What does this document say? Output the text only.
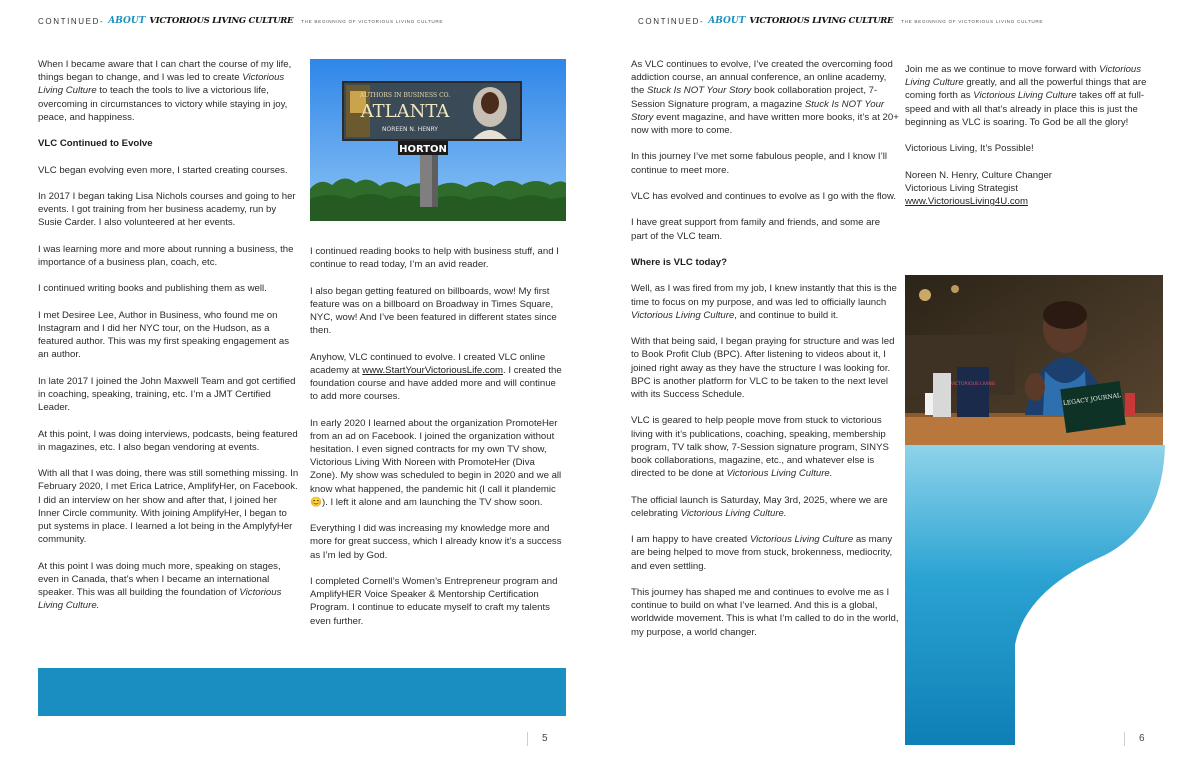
CONTINUED- ABOUT VICTORIOUS LIVING CULTURE THE BEGINNING OF VICTORIOUS LIVING CULTURE

When I became aware that I can chart the course of my life, things began to change, and I was led to create Victorious Living Culture to teach the tools to live a victorious life, overcoming in circumstances to victory while staying in joy, peace, and happiness.

VLC Continued to Evolve

VLC began evolving even more, I started creating courses.

In 2017 I began taking Lisa Nichols courses and going to her events. I got training from her business academy, run by Susie Carder. I also volunteered at her events.

I was learning more and more about running a business, the importance of a business plan, coach, etc.

I continued writing books and publishing them as well.

I met Desiree Lee, Author in Business, who found me on Instagram and I did her NYC tour, on the Hudson, as a featured author. This was my first speaking engagement as an author.

In late 2017 I joined the John Maxwell Team and got certified in coaching, speaking, training, etc. I’m a JMT Certified Leader.

At this point, I was doing interviews, podcasts, being featured in magazines, etc. I also began vendoring at events.

With all that I was doing, there was still something missing. In February 2020, I met Erica Latrice, AmplifyHer, on Facebook. I did an interview on her show and after that, I joined her Inner Circle community. With joining AmplifyHer, I began to put systems in place. I learned a lot being in the AmplyfyHer community.

At this point I was doing much more, speaking on stages, even in Canada, that’s when I became an international speaker. This was all building the foundation of Victorious Living Culture.

HORTON
AUTHORS IN BUSINESS CO.
ATLANTA
NOREEN N. HENRY

I continued reading books to help with business stuff, and I continue to read today, I’m an avid reader.

I also began getting featured on billboards, wow! My first feature was on a billboard on Broadway in Times Square, NYC, wow! And I’ve been featured in different states since then.

Anyhow, VLC continued to evolve. I created VLC online academy at www.StartYourVictoriousLife.com. I created the foundation course and have added more and will continue to add more courses.

In early 2020 I learned about the organization PromoteHer from an ad on Facebook. I joined the organization without hesitation. I even signed contracts for my own TV show, Victorious Living With Noreen with PromoteHer (Diva Zone). My show was scheduled to begin in 2020 and we all know what happened, the pandemic hit (I call it plandemic 😊). I left it alone and am launching the TV show soon.

Everything I did was increasing my knowledge more and more for great success, which I already know it’s a success as I’m led by God.

I completed Cornell’s Women’s Entrepreneur program and AmplifyHER Voice Speaker & Mentorship Certification Program. I continue to educate myself to craft my talents even further.

5
CONTINUED- ABOUT VICTORIOUS LIVING CULTURE THE BEGINNING OF VICTORIOUS LIVING CULTURE

As VLC continues to evolve, I’ve created the overcoming food addiction course, an annual conference, an online academy, the Stuck Is NOT Your Story book collaboration project, 7-Session Signature program, a magazine Stuck Is NOT Your Story event magazine, and have written more books, it’s at 20+ now with more to come.

In this journey I’ve met some fabulous people, and I know I’ll continue to meet more.

VLC has evolved and continues to evolve as I go with the flow.

I have great support from family and friends, and some are part of the VLC team.

Where is VLC today?

Well, as I was fired from my job, I knew instantly that this is the time to focus on my purpose, and was led to officially launch Victorious Living Culture, and continue to build it.

With that being said, I began praying for structure and was led to Book Profit Club (BPC). After listening to videos about it, I joined right away as they have the structure I was looking for. BPC is another platform for VLC to be taken to the next level with its Success Schedule.

VLC is geared to help people move from stuck to victorious living with it’s publications, coaching, speaking, membership program, TV talk show, 7-Session signature program, SINYS book collaborations, magazine, etc., and whatever else is directed to be done at Victorious Living Culture.

The official launch is Saturday, May 3rd, 2025, where we are celebrating Victorious Living Culture.

I am happy to have created Victorious Living Culture as many are being helped to move from stuck, brokenness, mediocrity, and even settling.

This journey has shaped me and continues to evolve me as I continue to build on what I’ve learned. And this is a global, worldwide movement. This is what I’m called to do in the world, my purpose, a world changer.

Join me as we continue to move forward with Victorious Living Culture greatly, and all the powerful things that are coming forth as Victorious Living Culture takes off at full-speed and with all that’s already in place this is just the beginning as VLC is soaring. To God be all the glory!

Victorious Living, It’s Possible!

Noreen N. Henry, Culture Changer
Victorious Living Strategist
www.VictoriousLiving4U.com

VICTORIOUS LIVING
LEGACY JOURNAL
6
